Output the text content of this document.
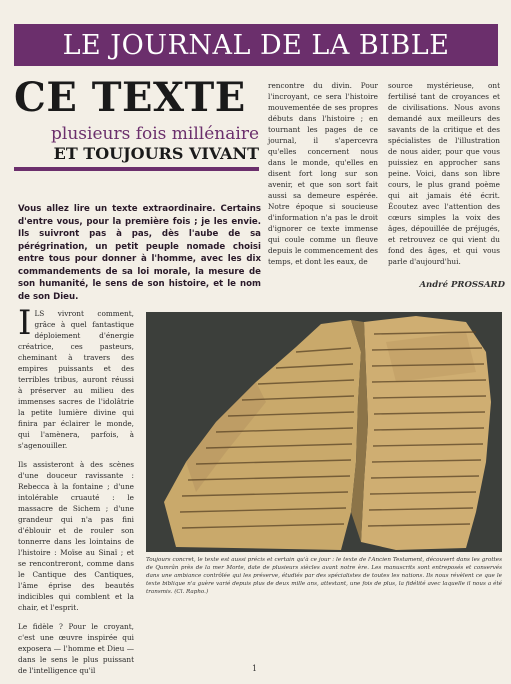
LE JOURNAL DE LA BIBLE
CE TEXTE
plusieurs fois millénaire
ET TOUJOURS VIVANT
Vous allez lire un texte extraordinaire. Certains d'entre vous, pour la première fois ; je les envie. Ils suivront pas à pas, dès l'aube de sa pérégrination, un petit peuple nomade choisi entre tous pour donner à l'homme, avec les dix commandements de sa loi morale, la mesure de son humanité, le sens de son histoire, et le nom de son Dieu.
rencontre du divin. Pour l'incroyant, ce sera l'histoire mouvementée de ses propres débuts dans l'histoire ; en tournant les pages de ce journal, il s'apercevra qu'elles concernent nous dans le monde, qu'elles en disent fort long sur son avenir, et que son sort fait aussi sa demeure espérée. Notre époque si soucieuse d'information n'a pas le droit d'ignorer ce texte immense qui coule comme un fleuve depuis le commencement des temps, et dont les eaux, de
source mystérieuse, ont fertilisé tant de croyances et de civilisations. Nous avons demandé aux meilleurs des savants de la critique et des spécialistes de l'illustration de nous aider, pour que vous puissiez en approcher sans peine. Voici, dans son libre cours, le plus grand poème qui ait jamais été écrit. Écoutez avec l'attention des cœurs simples la voix des âges, dépouillée de préjugés, et retrouvez ce qui vient du fond des âges, et qui vous parle d'aujourd'hui.
André PROSSARD

ILS vivront comment, grâce à quel fantastique déploiement d'énergie créatrice, ces pasteurs, cheminant à travers des empires puissants et des terribles tribus, auront réussi à préserver au milieu des immenses sacres de l'idolâtrie la petite lumière divine qui finira par éclairer le monde, qui l'amènera, parfois, à s'agenouiller.

Ils assisteront à des scènes d'une douceur ravissante : Rebecca à la fontaine ; d'une intolérable cruauté : le massacre de Sichem ; d'une grandeur qui n'a pas fini d'éblouir et de rouler son tonnerre dans les lointains de l'histoire : Moïse au Sinaï ; et se rencontreront, comme dans le Cantique des Cantiques, l'âme éprise des beautés indicibles qui comblent et la chair, et l'esprit.

Le fidèle ? Pour le croyant, c'est une œuvre inspirée qui exposera — l'homme et Dieu — dans le sens le plus puissant de l'intelligence qu'il

Toujours concret, le texte est aussi précis et certain qu'à ce jour : le texte de l'Ancien Testament, découvert dans les grottes de Qumrân près de la mer Morte, date de plusieurs siècles avant notre ère. Les manuscrits sont entreposés et conservés dans une ambiance contrôlée qui les préserve, étudiés par des spécialistes de toutes les nations. Ils nous révèlent ce que le texte biblique n'a guère varié depuis plus de deux mille ans, attestant, une fois de plus, la fidélité avec laquelle il nous a été transmis. (Cl. Rapho.)
1
